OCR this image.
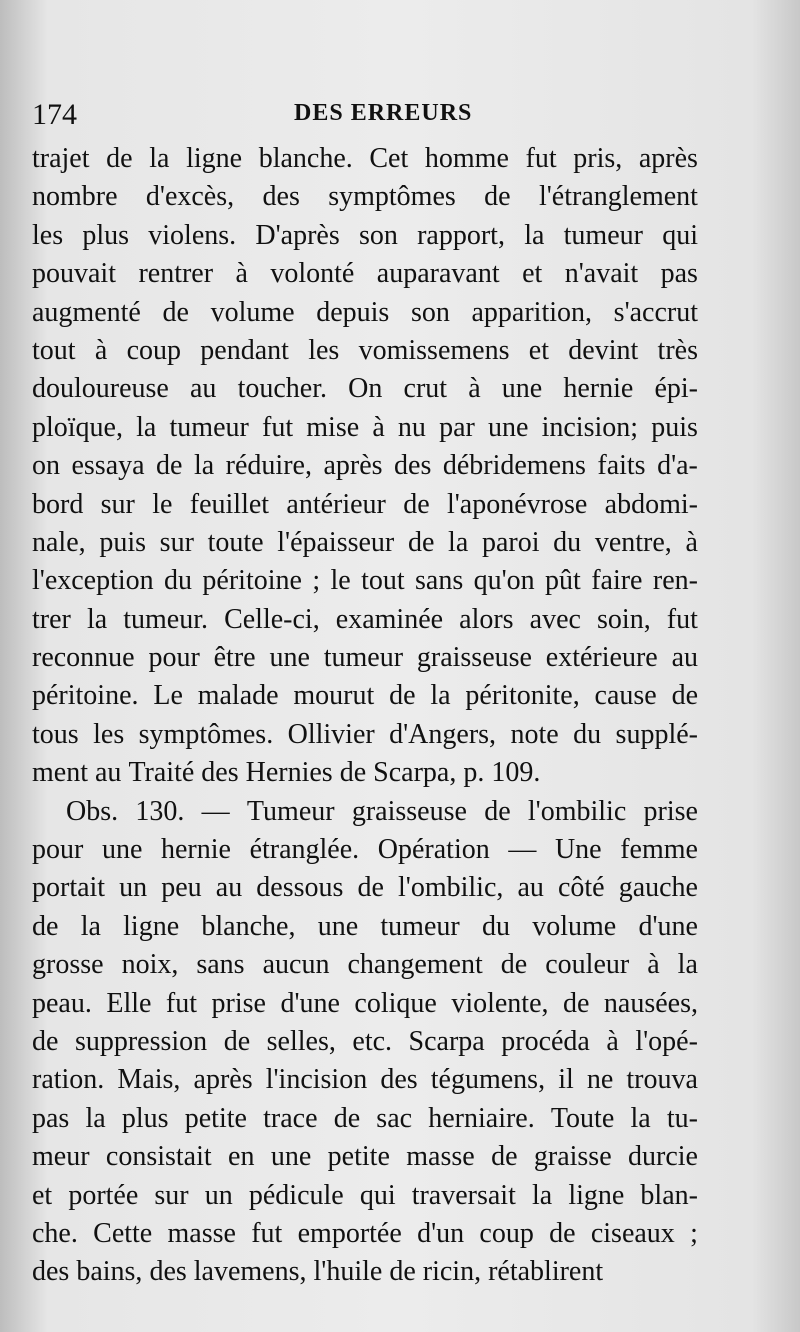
174	DES ERREURS
trajet de la ligne blanche. Cet homme fut pris, après
nombre d'excès, des symptômes de l'étranglement
les plus violens. D'après son rapport, la tumeur qui
pouvait rentrer à volonté auparavant et n'avait pas
augmenté de volume depuis son apparition, s'accrut
tout à coup pendant les vomissemens et devint très
douloureuse au toucher. On crut à une hernie épi-
ploïque, la tumeur fut mise à nu par une incision; puis
on essaya de la réduire, après des débridemens faits d'a-
bord sur le feuillet antérieur de l'aponévrose abdomi-
nale, puis sur toute l'épaisseur de la paroi du ventre, à
l'exception du péritoine ; le tout sans qu'on pût faire ren-
trer la tumeur. Celle-ci, examinée alors avec soin, fut
reconnue pour être une tumeur graisseuse extérieure au
péritoine. Le malade mourut de la péritonite, cause de
tous les symptômes. Ollivier d'Angers, note du supplé-
ment au Traité des Hernies de Scarpa, p. 109.
Obs. 130. — Tumeur graisseuse de l'ombilic prise
pour une hernie étranglée. Opération — Une femme
portait un peu au dessous de l'ombilic, au côté gauche
de la ligne blanche, une tumeur du volume d'une
grosse noix, sans aucun changement de couleur à la
peau. Elle fut prise d'une colique violente, de nausées,
de suppression de selles, etc. Scarpa procéda à l'opé-
ration. Mais, après l'incision des tégumens, il ne trouva
pas la plus petite trace de sac herniaire. Toute la tu-
meur consistait en une petite masse de graisse durcie
et portée sur un pédicule qui traversait la ligne blan-
che. Cette masse fut emportée d'un coup de ciseaux ;
des bains, des lavemens, l'huile de ricin, rétablirent
